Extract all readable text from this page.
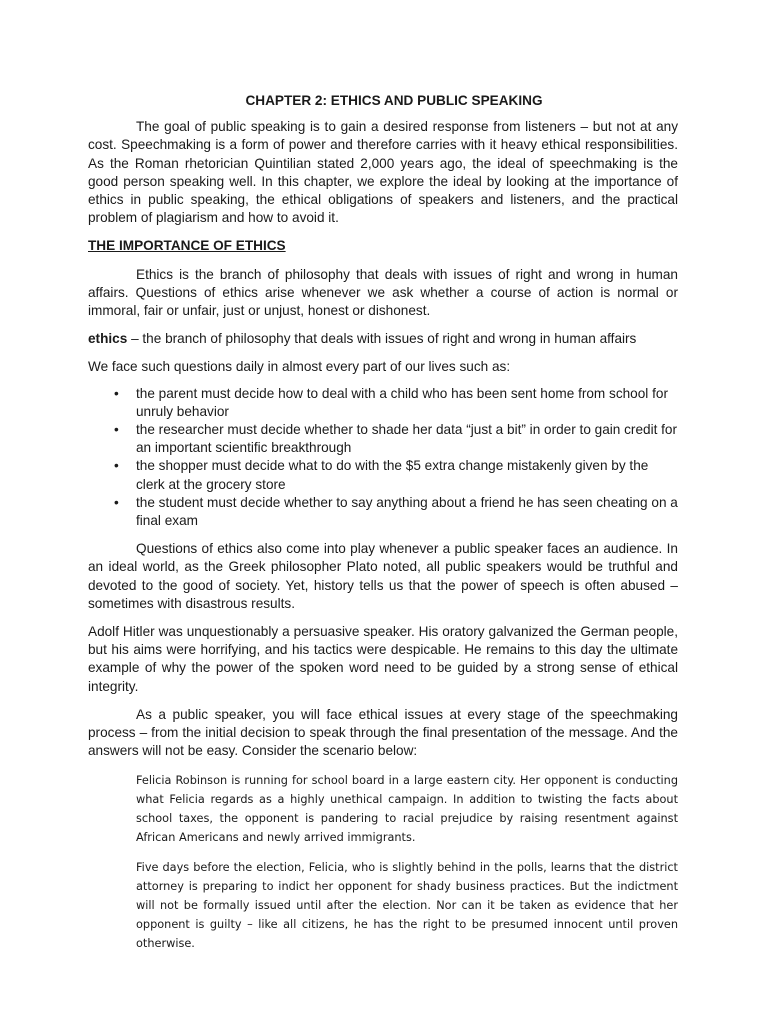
CHAPTER 2: ETHICS AND PUBLIC SPEAKING

The goal of public speaking is to gain a desired response from listeners – but not at any cost. Speechmaking is a form of power and therefore carries with it heavy ethical responsibilities. As the Roman rhetorician Quintilian stated 2,000 years ago, the ideal of speechmaking is the good person speaking well. In this chapter, we explore the ideal by looking at the importance of ethics in public speaking, the ethical obligations of speakers and listeners, and the practical problem of plagiarism and how to avoid it.

THE IMPORTANCE OF ETHICS

Ethics is the branch of philosophy that deals with issues of right and wrong in human affairs. Questions of ethics arise whenever we ask whether a course of action is normal or immoral, fair or unfair, just or unjust, honest or dishonest.

ethics – the branch of philosophy that deals with issues of right and wrong in human affairs

We face such questions daily in almost every part of our lives such as:

• the parent must decide how to deal with a child who has been sent home from school for unruly behavior
• the researcher must decide whether to shade her data “just a bit” in order to gain credit for an important scientific breakthrough
• the shopper must decide what to do with the $5 extra change mistakenly given by the clerk at the grocery store
• the student must decide whether to say anything about a friend he has seen cheating on a final exam

Questions of ethics also come into play whenever a public speaker faces an audience. In an ideal world, as the Greek philosopher Plato noted, all public speakers would be truthful and devoted to the good of society. Yet, history tells us that the power of speech is often abused – sometimes with disastrous results.

Adolf Hitler was unquestionably a persuasive speaker. His oratory galvanized the German people, but his aims were horrifying, and his tactics were despicable. He remains to this day the ultimate example of why the power of the spoken word need to be guided by a strong sense of ethical integrity.

As a public speaker, you will face ethical issues at every stage of the speechmaking process – from the initial decision to speak through the final presentation of the message. And the answers will not be easy. Consider the scenario below:

Felicia Robinson is running for school board in a large eastern city. Her opponent is conducting what Felicia regards as a highly unethical campaign. In addition to twisting the facts about school taxes, the opponent is pandering to racial prejudice by raising resentment against African Americans and newly arrived immigrants.

Five days before the election, Felicia, who is slightly behind in the polls, learns that the district attorney is preparing to indict her opponent for shady business practices. But the indictment will not be formally issued until after the election. Nor can it be taken as evidence that her opponent is guilty – like all citizens, he has the right to be presumed innocent until proven otherwise.
